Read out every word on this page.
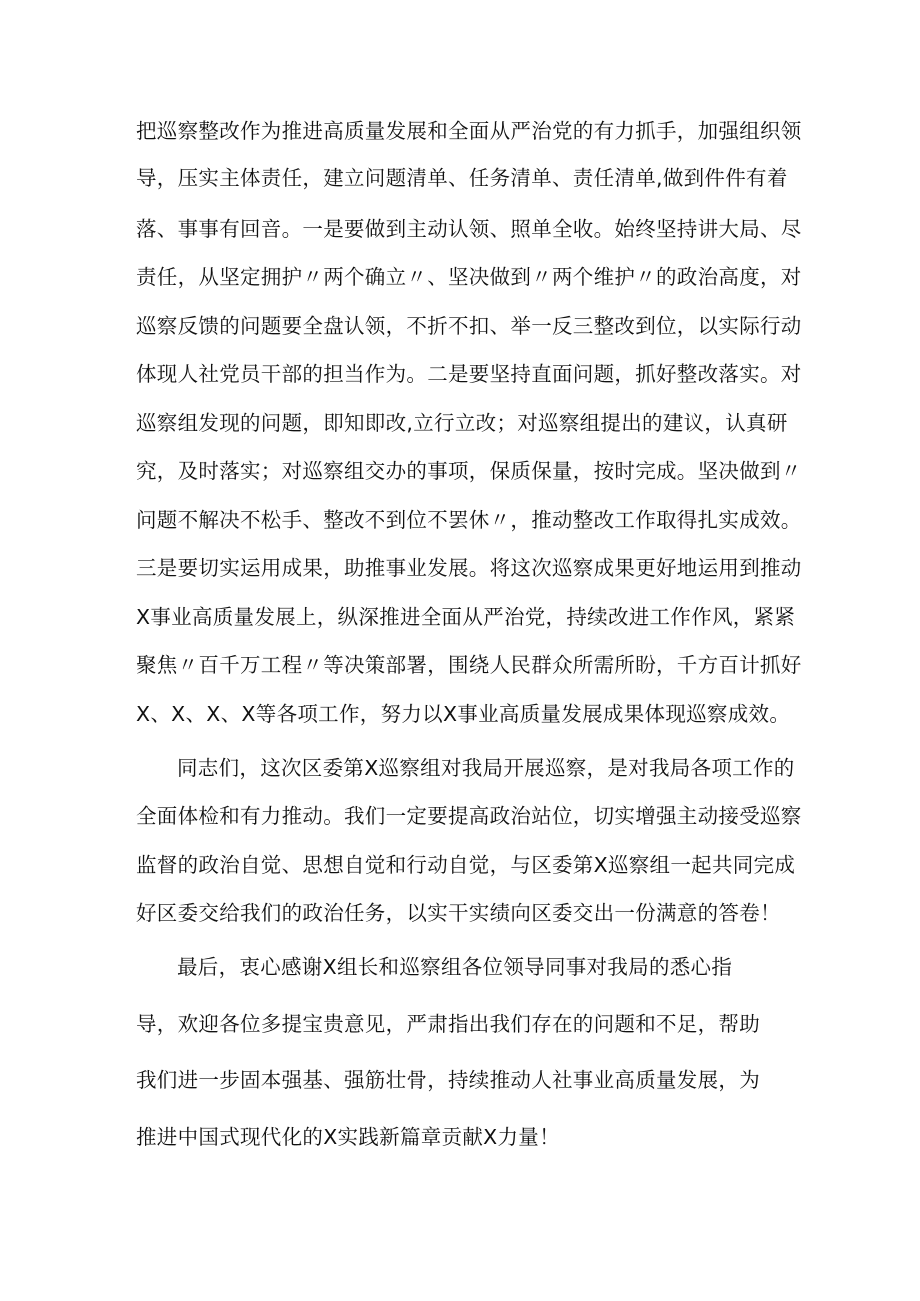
把巡察整改作为推进高质量发展和全面从严治党的有力抓手，加强组织领
导，压实主体责任，建立问题清单、任务清单、责任清单,做到件件有着
落、事事有回音。一是要做到主动认领、照单全收。始终坚持讲大局、尽
责任，从坚定拥护〃两个确立〃、坚决做到〃两个维护〃的政治高度，对
巡察反馈的问题要全盘认领，不折不扣、举一反三整改到位，以实际行动
体现人社党员干部的担当作为。二是要坚持直面问题，抓好整改落实。对
巡察组发现的问题，即知即改,立行立改；对巡察组提出的建议，认真研
究，及时落实；对巡察组交办的事项，保质保量，按时完成。坚决做到〃
问题不解决不松手、整改不到位不罢休〃，推动整改工作取得扎实成效。
三是要切实运用成果，助推事业发展。将这次巡察成果更好地运用到推动
X事业高质量发展上，纵深推进全面从严治党，持续改进工作作风，紧紧
聚焦〃百千万工程〃等决策部署，围绕人民群众所需所盼，千方百计抓好
X、X、X、X等各项工作，努力以X事业高质量发展成果体现巡察成效。
同志们，这次区委第X巡察组对我局开展巡察，是对我局各项工作的
全面体检和有力推动。我们一定要提高政治站位，切实增强主动接受巡察
监督的政治自觉、思想自觉和行动自觉，与区委第X巡察组一起共同完成
好区委交给我们的政治任务，以实干实绩向区委交出一份满意的答卷！
最后，衷心感谢X组长和巡察组各位领导同事对我局的悉心指
导，欢迎各位多提宝贵意见，严肃指出我们存在的问题和不足，帮助
我们进一步固本强基、强筋壮骨，持续推动人社事业高质量发展，为
推进中国式现代化的X实践新篇章贡献X力量！
